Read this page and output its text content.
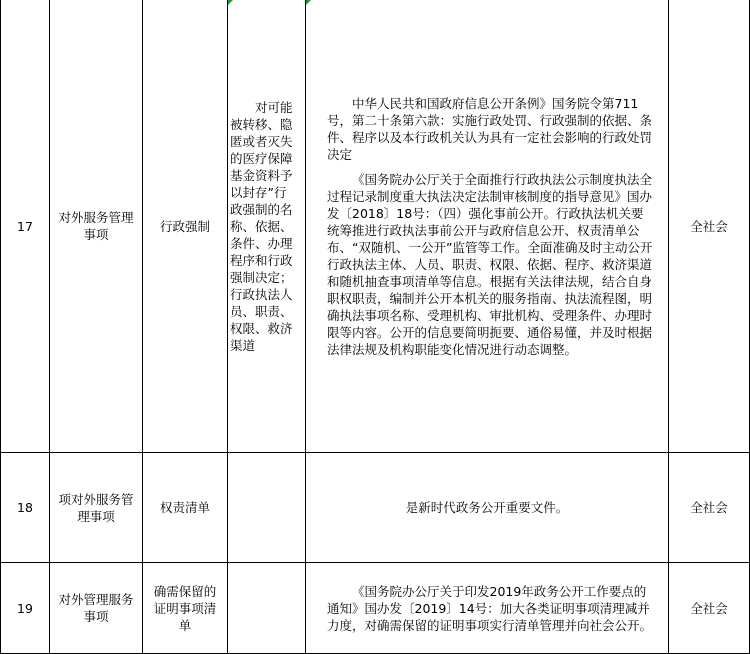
17	对外服务管理事项	行政强制	对可能被转移、隐匿或者灭失的医疗保障基金资料予以封存”行政强制的名称、依据、条件、办理程序和行政强制决定；行政执法人员、职责、权限、救济渠道	中华人民共和国政府信息公开条例》国务院令第711号，第二十条第六款：实施行政处罚、行政强制的依据、条件、程序以及本行政机关认为具有一定社会影响的行政处罚决定

《国务院办公厅关于全面推行行政执法公示制度执法全过程记录制度重大执法决定法制审核制度的指导意见》国办发〔2018〕18号：（四）强化事前公开。行政执法机关要统筹推进行政执法事前公开与政府信息公开、权责清单公布、“双随机、一公开”监管等工作。全面准确及时主动公开行政执法主体、人员、职责、权限、依据、程序、救济渠道和随机抽查事项清单等信息。根据有关法律法规，结合自身职权职责，编制并公开本机关的服务指南、执法流程图，明确执法事项名称、受理机构、审批机构、受理条件、办理时限等内容。公开的信息要简明扼要、通俗易懂，并及时根据法律法规及机构职能变化情况进行动态调整。	全社会
18	项对外服务管理事项	权责清单		是新时代政务公开重要文件。	全社会
19	对外管理服务事项	确需保留的证明事项清单		《国务院办公厅关于印发2019年政务公开工作要点的通知》国办发〔2019〕14号：加大各类证明事项清理减并力度，对确需保留的证明事项实行清单管理并向社会公开。	全社会
